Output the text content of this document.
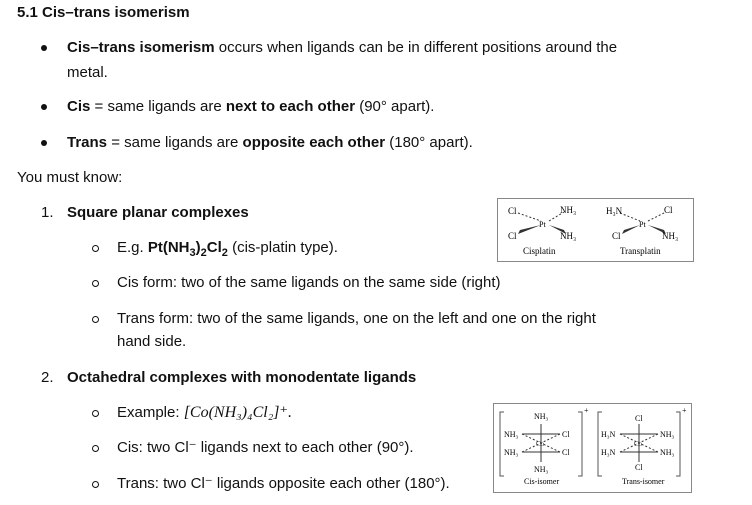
5.1 Cis–trans isomerism
Cis–trans isomerism occurs when ligands can be in different positions around the
metal.
Cis = same ligands are next to each other (90° apart).
Trans = same ligands are opposite each other (180° apart).
You must know:
1. Square planar complexes
E.g. $Pt(NH_3)_2Cl_2$ (cis-platin type).
Cis form: two of the same ligands on the same side (right)
Trans form: two of the same ligands, one on the left and one on the right
hand side.
2. Octahedral complexes with monodentate ligands
Example: [Co(NH₃)₄Cl₂]⁺.
Cis: two Cl⁻ ligands next to each other (90°).
Trans: two Cl⁻ ligands opposite each other (180°).
Cl
Cl
NH₃
NH₃
Pt
Cisplatin
H₃N
Cl
Cl
NH₃
Pt
Transplatin
+
NH₃
NH₃
NH₃
NH₃
Cl
Cl
Co
Cis-isomer
+
Cl
Cl
H₃N
H₃N
NH₃
NH₃
Co
Trans-isomer
